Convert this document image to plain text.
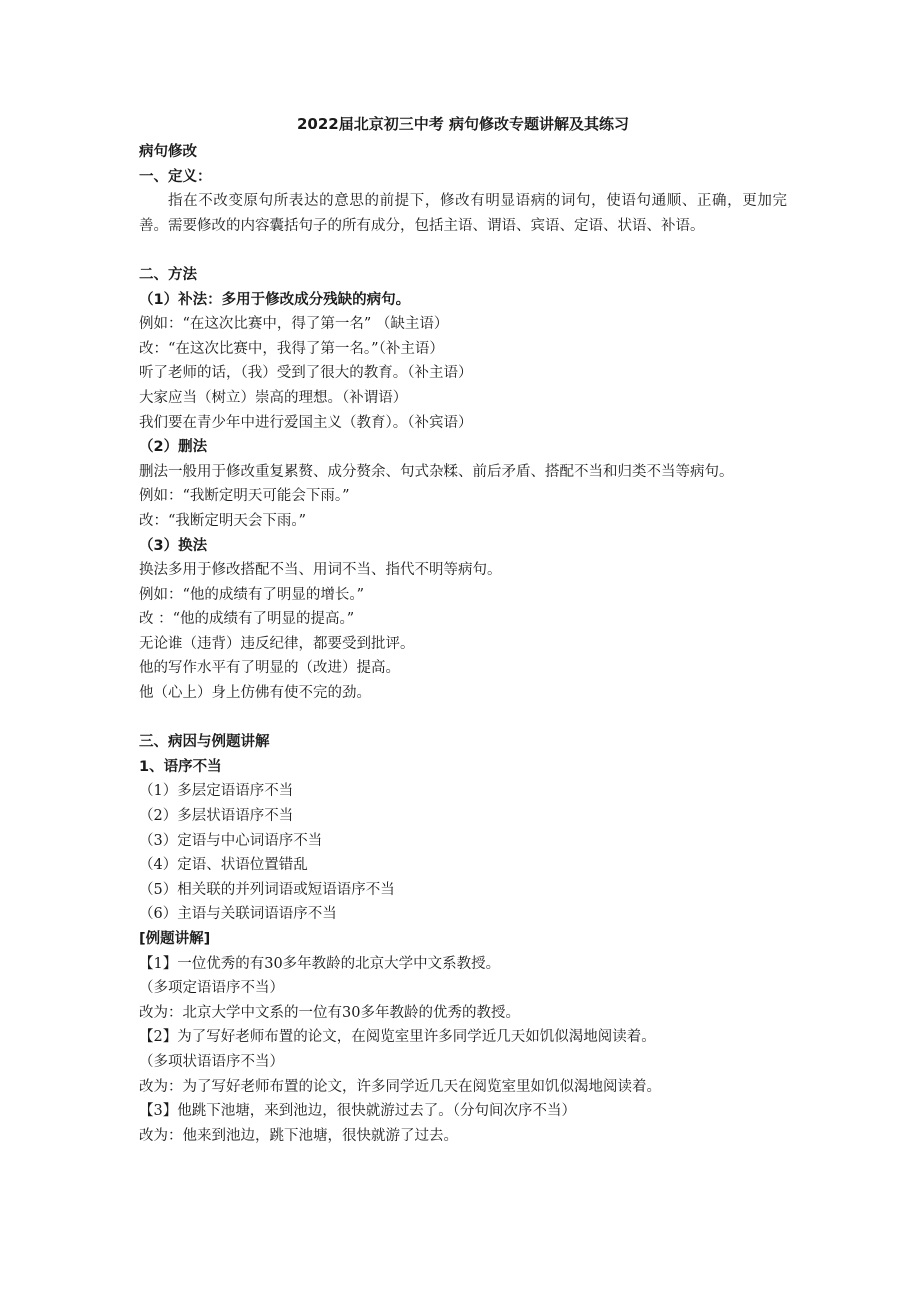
2022届北京初三中考 病句修改专题讲解及其练习
病句修改
一、定义：
指在不改变原句所表达的意思的前提下，修改有明显语病的词句，使语句通顺、正确，更加完善。需要修改的内容囊括句子的所有成分，包括主语、谓语、宾语、定语、状语、补语。
二、方法
（1）补法：多用于修改成分残缺的病句。
例如：“在这次比赛中，得了第一名” （缺主语）
改：“在这次比赛中，我得了第一名。”（补主语）
听了老师的话，（我）受到了很大的教育。（补主语）
大家应当（树立）崇高的理想。（补谓语）
我们要在青少年中进行爱国主义（教育）。（补宾语）
（2）删法
删法一般用于修改重复累赘、成分赘余、句式杂糅、前后矛盾、搭配不当和归类不当等病句。
例如：“我断定明天可能会下雨。”
改：“我断定明天会下雨。”
（3）换法
换法多用于修改搭配不当、用词不当、指代不明等病句。
例如：“他的成绩有了明显的增长。”
改 ：“他的成绩有了明显的提高。”
无论谁（违背）违反纪律，都要受到批评。
他的写作水平有了明显的（改进）提高。
他（心上）身上仿佛有使不完的劲。
三、病因与例题讲解
1、语序不当
（1）多层定语语序不当
（2）多层状语语序不当
（3）定语与中心词语序不当
（4）定语、状语位置错乱
（5）相关联的并列词语或短语语序不当
（6）主语与关联词语语序不当
[例题讲解]
【1】一位优秀的有30多年教龄的北京大学中文系教授。
（多项定语语序不当）
改为：北京大学中文系的一位有30多年教龄的优秀的教授。
【2】为了写好老师布置的论文，在阅览室里许多同学近几天如饥似渴地阅读着。
（多项状语语序不当）
改为：为了写好老师布置的论文，许多同学近几天在阅览室里如饥似渴地阅读着。
【3】他跳下池塘，来到池边，很快就游过去了。（分句间次序不当）
改为：他来到池边，跳下池塘，很快就游了过去。
